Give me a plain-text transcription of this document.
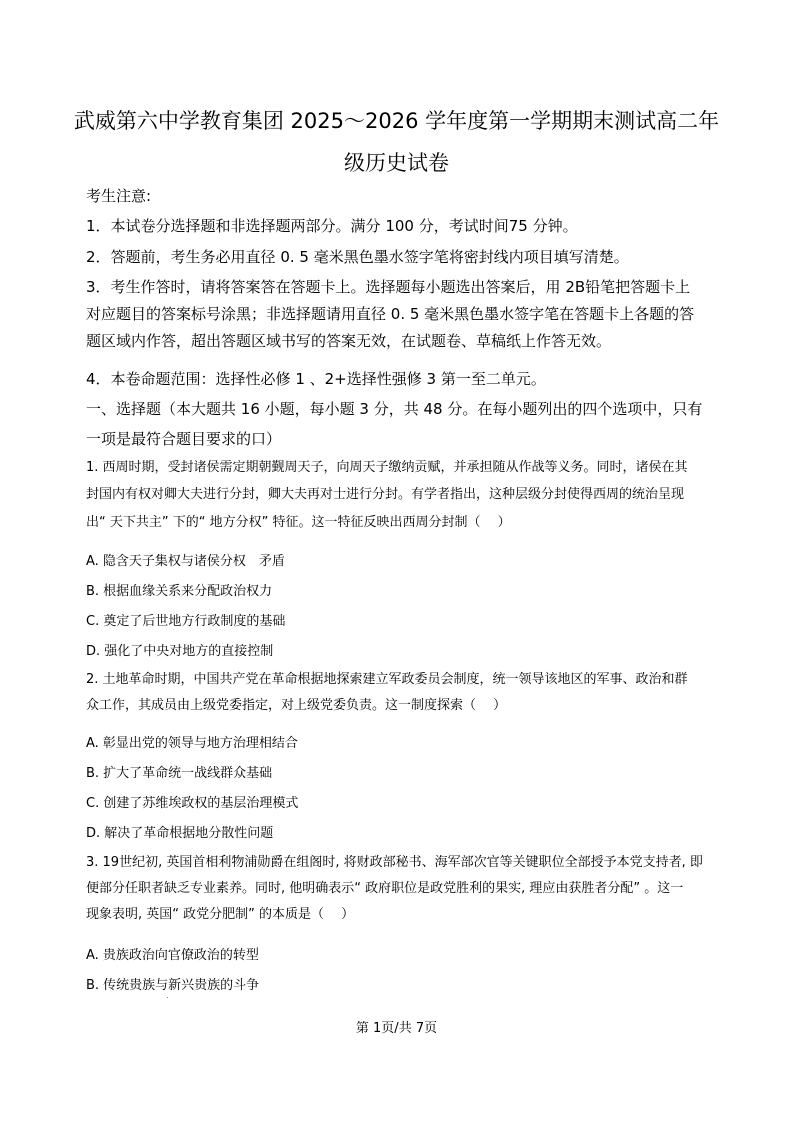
武威第六中学教育集团 2025～2026 学年度第一学期期末测试高二年
级历史试卷

考生注意:

1．本试卷分选择题和非选择题两部分。满分 100 分，考试时间75 分钟。

2．答题前，考生务必用直径 0. 5 毫米黑色墨水签字笔将密封线内项目填写清楚。

3．考生作答时，请将答案答在答题卡上。选择题每小题选出答案后，用 2B铅笔把答题卡上

对应题目的答案标号涂黑；非选择题请用直径 0. 5 毫米黑色墨水签字笔在答题卡上各题的答

题区域内作答，超出答题区域书写的答案无效，在试题卷、草稿纸上作答无效。

4．本卷命题范围：选择性必修 1 、2+选择性强修 3 第一至二单元。

一、选择题（本大题共 16 小题，每小题 3 分，共 48 分。在每小题列出的四个选项中，只有

一项是最符合题目要求的口）

1. 西周时期，受封诸侯需定期朝觐周天子，向周天子缴纳贡赋，并承担随从作战等义务。同时，诸侯在其

封国内有权对卿大夫进行分封，卿大夫再对士进行分封。有学者指出，这种层级分封使得西周的统治呈现

出“ 天下共主” 下的“ 地方分权” 特征。这一特征反映出西周分封制（　 ）

A. 隐含天子集权与诸侯分权　矛盾

B. 根据血缘关系来分配政治权力

C. 奠定了后世地方行政制度的基础

D. 强化了中央对地方的直接控制

2. 土地革命时期，中国共产党在革命根据地探索建立军政委员会制度，统一领导该地区的军事、政治和群

众工作，其成员由上级党委指定，对上级党委负责。这一制度探索（　 ）

A. 彰显出党的领导与地方治理相结合

B. 扩大了革命统一战线群众基础

C. 创建了苏维埃政权的基层治理模式

D. 解决了革命根据地分散性问题

3. 19世纪初, 英国首相利物浦勋爵在组阁时, 将财政部秘书、海军部次官等关键职位全部授予本党支持者, 即

便部分任职者缺乏专业素养。同时, 他明确表示“ 政府职位是政党胜利的果实, 理应由获胜者分配” 。这一

现象表明, 英国“ 政党分肥制” 的本质是（　 ）

A. 贵族政治向官僚政治的转型

B. 传统贵族与新兴贵族的斗争

第 1页/共 7页
